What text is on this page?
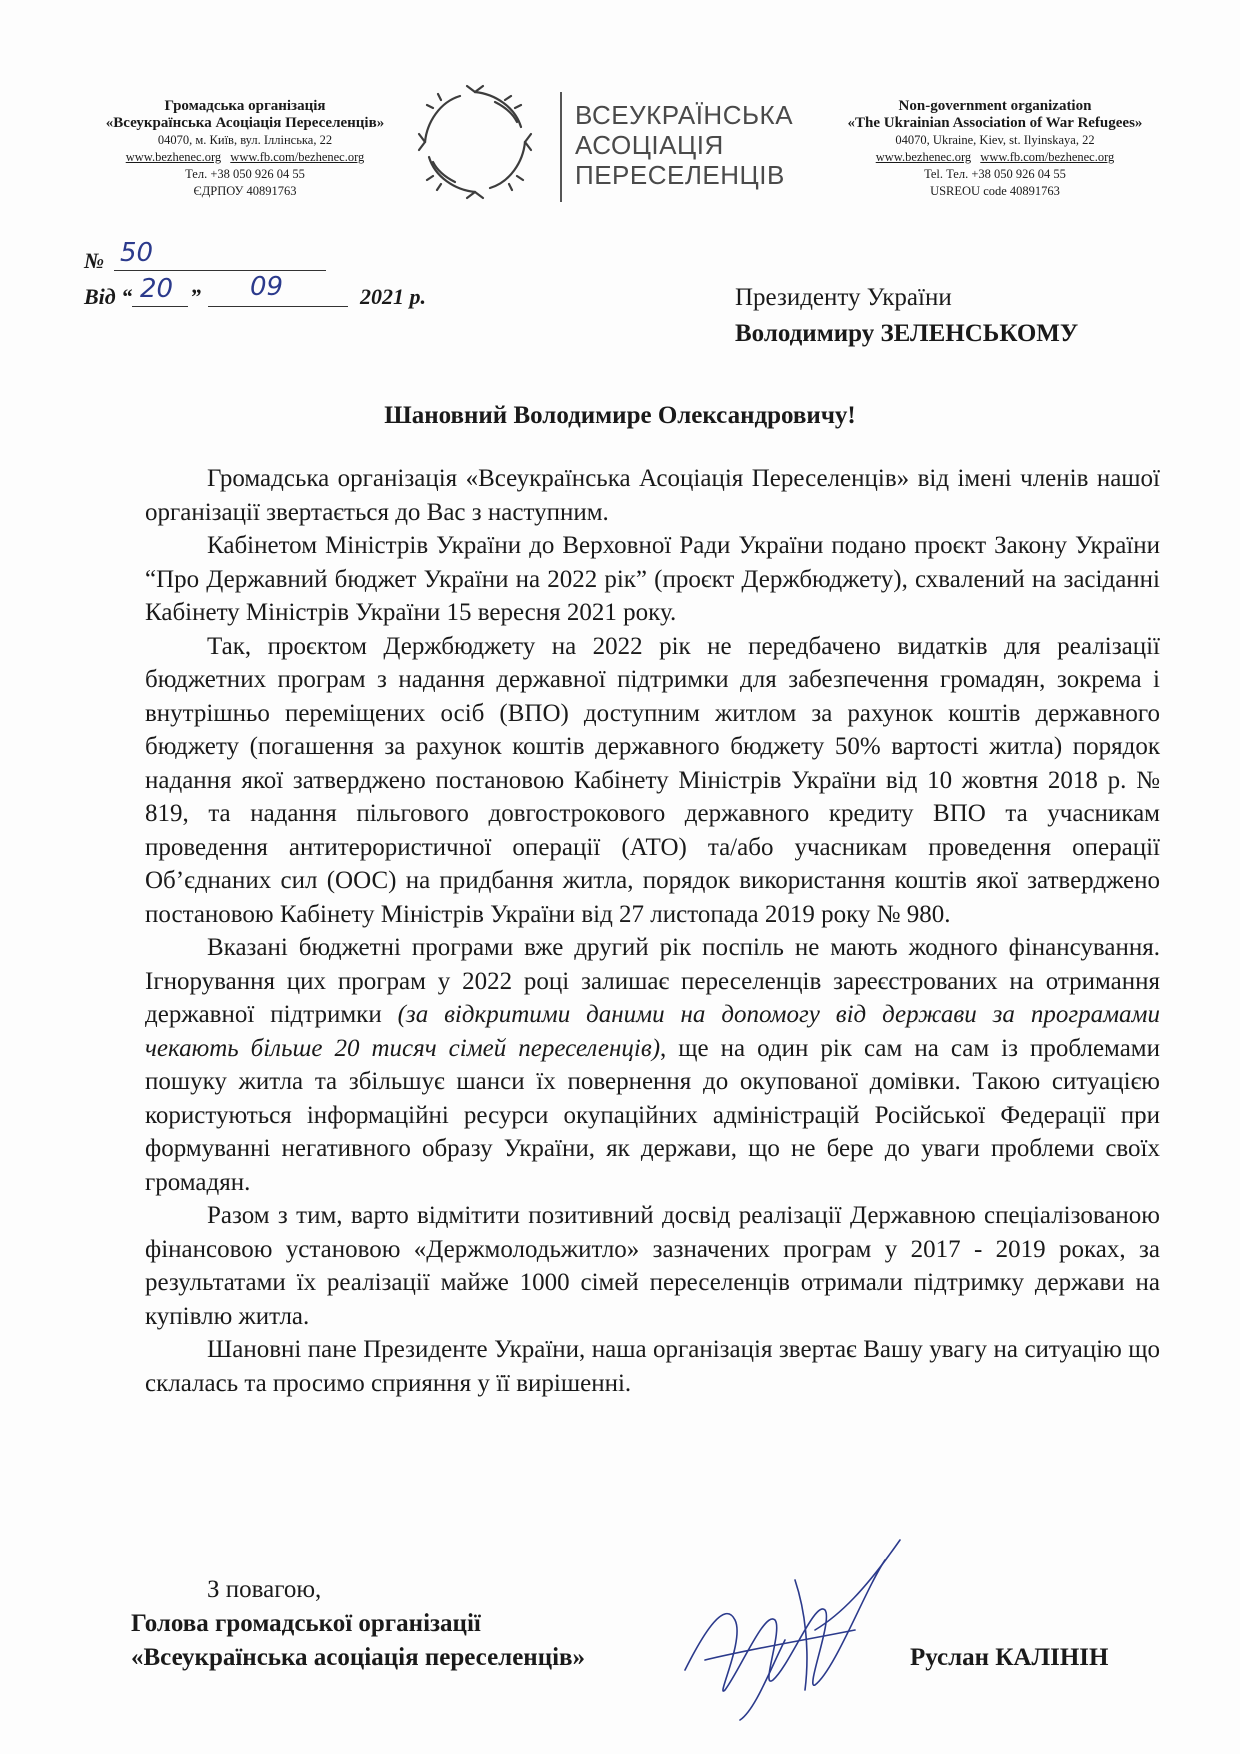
Громадська організація
«Всеукраїнська Асоціація Переселенців»
04070, м. Київ, вул. Іллінська, 22
www.bezhenec.org www.fb.com/bezhenec.org
Тел. +38 050 926 04 55
ЄДРПОУ 40891763
ВСЕУКРАЇНСЬКА
АСОЦІАЦІЯ
ПЕРЕСЕЛЕНЦІВ
Non-government organization
«The Ukrainian Association of War Refugees»
04070, Ukraine, Kiev, st. Ilyinskaya, 22
www.bezhenec.org www.fb.com/bezhenec.org
Tel. Тел. +38 050 926 04 55
USREOU code 40891763
№ 50
Від “ 20 ” 09	2021 р.	Президенту України
Володимиру ЗЕЛЕНСЬКОМУ
Шановний Володимире Олександровичу!

Громадська організація «Всеукраїнська Асоціація Переселенців» від імені членів нашої організації звертається до Вас з наступним.

Кабінетом Міністрів України до Верховної Ради України подано проєкт Закону України “Про Державний бюджет України на 2022 рік” (проєкт Держбюджету), схвалений на засіданні Кабінету Міністрів України 15 вересня 2021 року.

Так, проєктом Держбюджету на 2022 рік не передбачено видатків для реалізації бюджетних програм з надання державної підтримки для забезпечення громадян, зокрема і внутрішньо переміщених осіб (ВПО) доступним житлом за рахунок коштів державного бюджету (погашення за рахунок коштів державного бюджету 50% вартості житла) порядок надання якої затверджено постановою Кабінету Міністрів України від 10 жовтня 2018 р. № 819, та надання пільгового довгострокового державного кредиту ВПО та учасникам проведення антитерористичної операції (АТО) та/або учасникам проведення операції Об’єднаних сил (ООС) на придбання житла, порядок використання коштів якої затверджено постановою Кабінету Міністрів України від 27 листопада 2019 року № 980.

Вказані бюджетні програми вже другий рік поспіль не мають жодного фінансування. Ігнорування цих програм у 2022 році залишає переселенців зареєстрованих на отримання державної підтримки (за відкритими даними на допомогу від держави за програмами чекають більше 20 тисяч сімей переселенців), ще на один рік сам на сам із проблемами пошуку житла та збільшує шанси їх повернення до окупованої домівки. Такою ситуацією користуються інформаційні ресурси окупаційних адміністрацій Російської Федерації при формуванні негативного образу України, як держави, що не бере до уваги проблеми своїх громадян.

Разом з тим, варто відмітити позитивний досвід реалізації Державною спеціалізованою фінансовою установою «Держмолодьжитло» зазначених програм у 2017 - 2019 роках, за результатами їх реалізації майже 1000 сімей переселенців отримали підтримку держави на купівлю житла.

Шановні пане Президенте України, наша організація звертає Вашу увагу на ситуацію що склалась та просимо сприяння у її вирішенні.

З повагою,
Голова громадської організації
«Всеукраїнська асоціація переселенців»	Руслан КАЛІНІН
